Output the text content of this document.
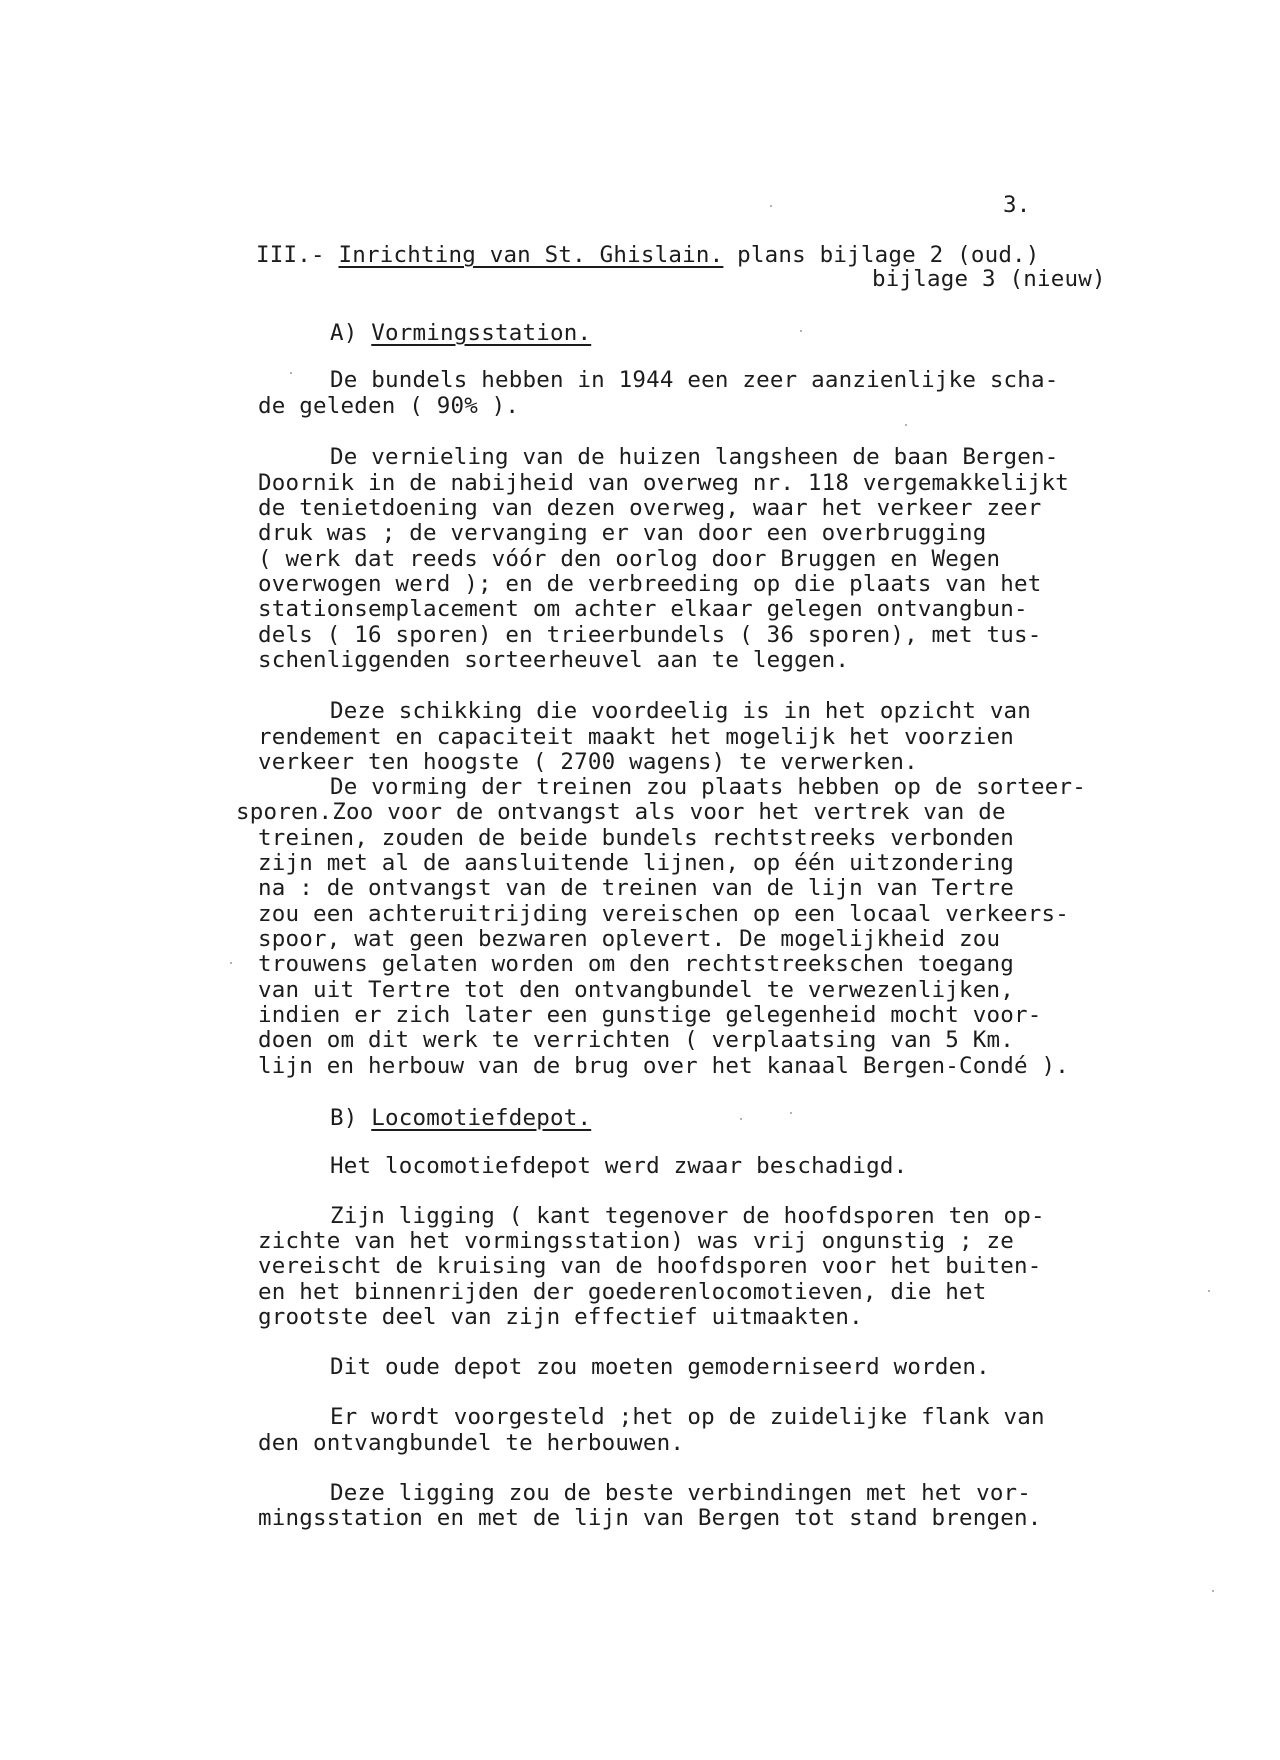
3.
III.- Inrichting van St. Ghislain. plans bijlage 2 (oud.)
bijlage 3 (nieuw)
A) Vormingsstation.
De bundels hebben in 1944 een zeer aanzienlijke scha-
de geleden ( 90% ).
De vernieling van de huizen langsheen de baan Bergen-
Doornik in de nabijheid van overweg nr. 118 vergemakkelijkt
de tenietdoening van dezen overweg, waar het verkeer zeer
druk was ; de vervanging er van door een overbrugging
( werk dat reeds vóór den oorlog door Bruggen en Wegen
overwogen werd ); en de verbreeding op die plaats van het
stationsemplacement om achter elkaar gelegen ontvangbun-
dels ( 16 sporen) en trieerbundels ( 36 sporen), met tus-
schenliggenden sorteerheuvel aan te leggen.
Deze schikking die voordeelig is in het opzicht van
rendement en capaciteit maakt het mogelijk het voorzien
verkeer ten hoogste ( 2700 wagens) te verwerken.
De vorming der treinen zou plaats hebben op de sorteer-
sporen.Zoo voor de ontvangst als voor het vertrek van de
treinen, zouden de beide bundels rechtstreeks verbonden
zijn met al de aansluitende lijnen, op één uitzondering
na : de ontvangst van de treinen van de lijn van Tertre
zou een achteruitrijding vereischen op een locaal verkeers-
spoor, wat geen bezwaren oplevert. De mogelijkheid zou
trouwens gelaten worden om den rechtstreekschen toegang
van uit Tertre tot den ontvangbundel te verwezenlijken,
indien er zich later een gunstige gelegenheid mocht voor-
doen om dit werk te verrichten ( verplaatsing van 5 Km.
lijn en herbouw van de brug over het kanaal Bergen-Condé ).
B) Locomotiefdepot.
Het locomotiefdepot werd zwaar beschadigd.
Zijn ligging ( kant tegenover de hoofdsporen ten op-
zichte van het vormingsstation) was vrij ongunstig ; ze
vereischt de kruising van de hoofdsporen voor het buiten-
en het binnenrijden der goederenlocomotieven, die het
grootste deel van zijn effectief uitmaakten.
Dit oude depot zou moeten gemoderniseerd worden.
Er wordt voorgesteld ;het op de zuidelijke flank van
den ontvangbundel te herbouwen.
Deze ligging zou de beste verbindingen met het vor-
mingsstation en met de lijn van Bergen tot stand brengen.
